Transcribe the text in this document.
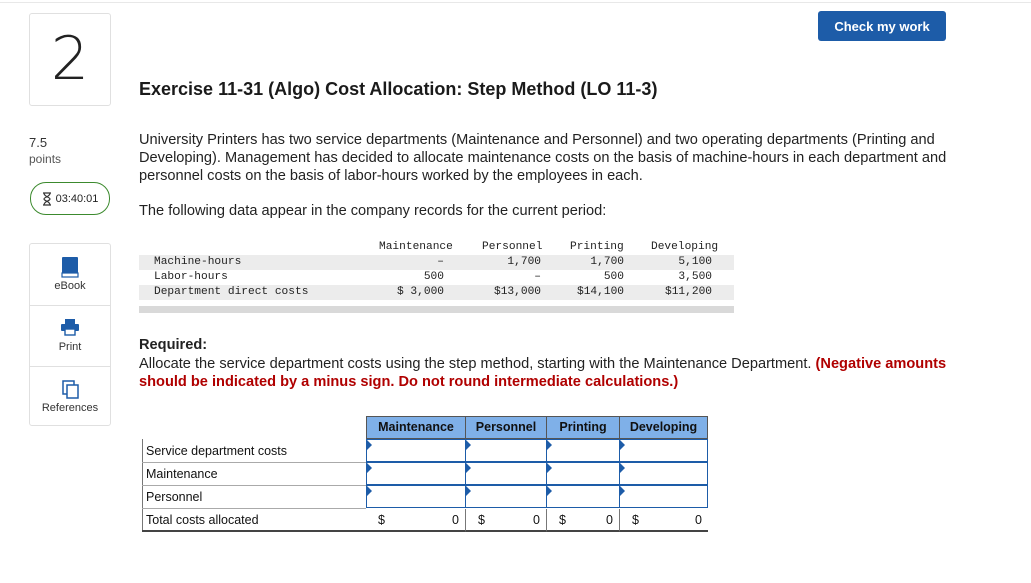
2
7.5
points
03:40:01
eBook
Print
References
Check my work
Exercise 11-31 (Algo) Cost Allocation: Step Method (LO 11-3)
University Printers has two service departments (Maintenance and Personnel) and two operating departments (Printing and Developing). Management has decided to allocate maintenance costs on the basis of machine-hours in each department and personnel costs on the basis of labor-hours worked by the employees in each.
The following data appear in the company records for the current period:
Maintenance	Personnel Printing Developing
Machine-hours	–	1,700	1,700	5,100
Labor-hours	500	–	500	3,500
Department direct costs	$ 3,000	$13,000	$14,100	$11,200
Required:
Allocate the service department costs using the step method, starting with the Maintenance Department. (Negative amounts should be indicated by a minus sign. Do not round intermediate calculations.)
Maintenance	Personnel	Printing	Developing
Service department costs
Maintenance
Personnel
Total costs allocated	$	0 $	0 $	0 $	0
